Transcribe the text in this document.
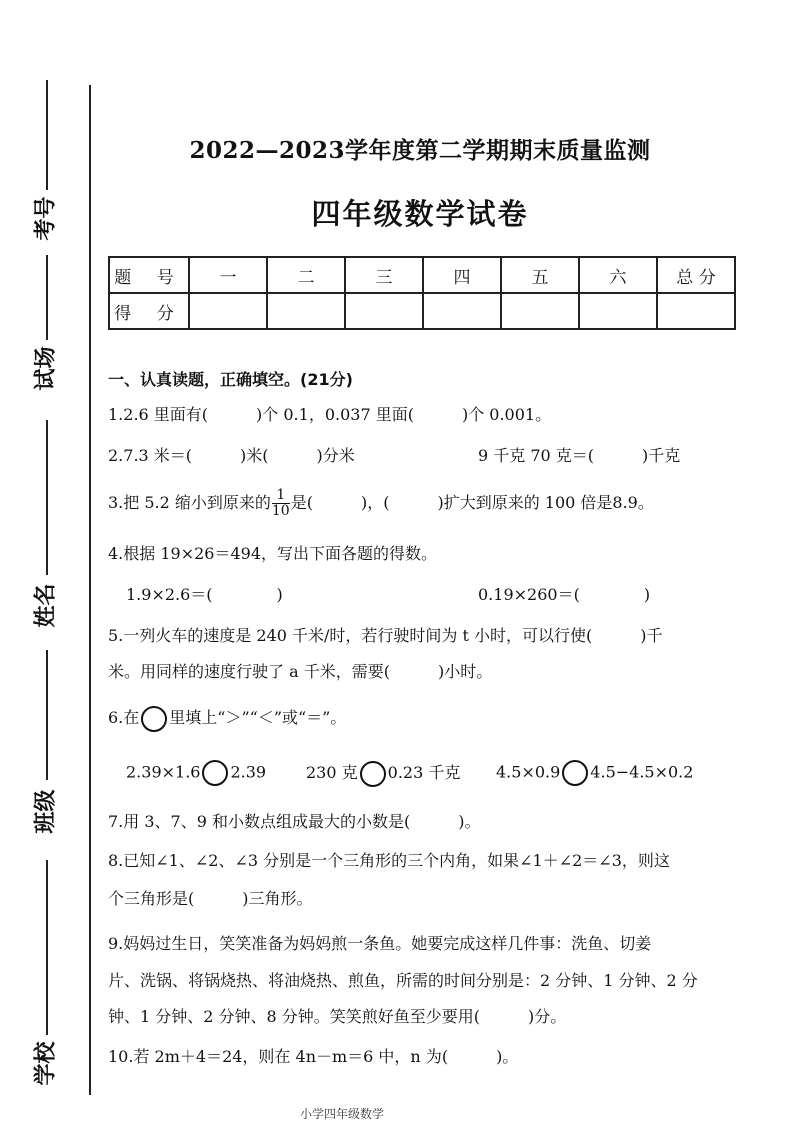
考号
试场
姓名
班级
学校
2022—2023学年度第二学期期末质量监测
四年级数学试卷
题 号	一	二	三	四	五	六	总 分
得 分							
一、认真读题，正确填空。(21分)
1.2.6 里面有(　　　)个 0.1，0.037 里面(　　　)个 0.001。
2.7.3 米＝(　　　)米(　　　)分米	9 千克 70 克＝(　　　)千克
3.把 5.2 缩小到原来的 $\frac{1}{10}$ 是(　　　)，(　　　)扩大到原来的 100 倍是8.9。
4.根据 19×26＝494，写出下面各题的得数。
1.9×2.6＝(　　　　)	0.19×260＝(　　　　)
5.一列火车的速度是 240 千米/时，若行驶时间为 t 小时，可以行使(　　　)千
米。用同样的速度行驶了 a 千米，需要(　　　)小时。
6.在 里填上“＞”“＜”或“＝”。
2.39×1.6 2.39 230 克 0.23 千克 4.5×0.9 4.5−4.5×0.2
7.用 3、7、9 和小数点组成最大的小数是(　　　)。
8.已知∠1、∠2、∠3 分别是一个三角形的三个内角，如果∠1＋∠2＝∠3，则这
个三角形是(　　　)三角形。
9.妈妈过生日，笑笑准备为妈妈煎一条鱼。她要完成这样几件事：洗鱼、切姜
片、洗锅、将锅烧热、将油烧热、煎鱼，所需的时间分别是：2 分钟、1 分钟、2 分
钟、1 分钟、2 分钟、8 分钟。笑笑煎好鱼至少要用(　　　)分。
10.若 2m＋4＝24，则在 4n－m＝6 中，n 为(　　　)。
小学四年级数学
